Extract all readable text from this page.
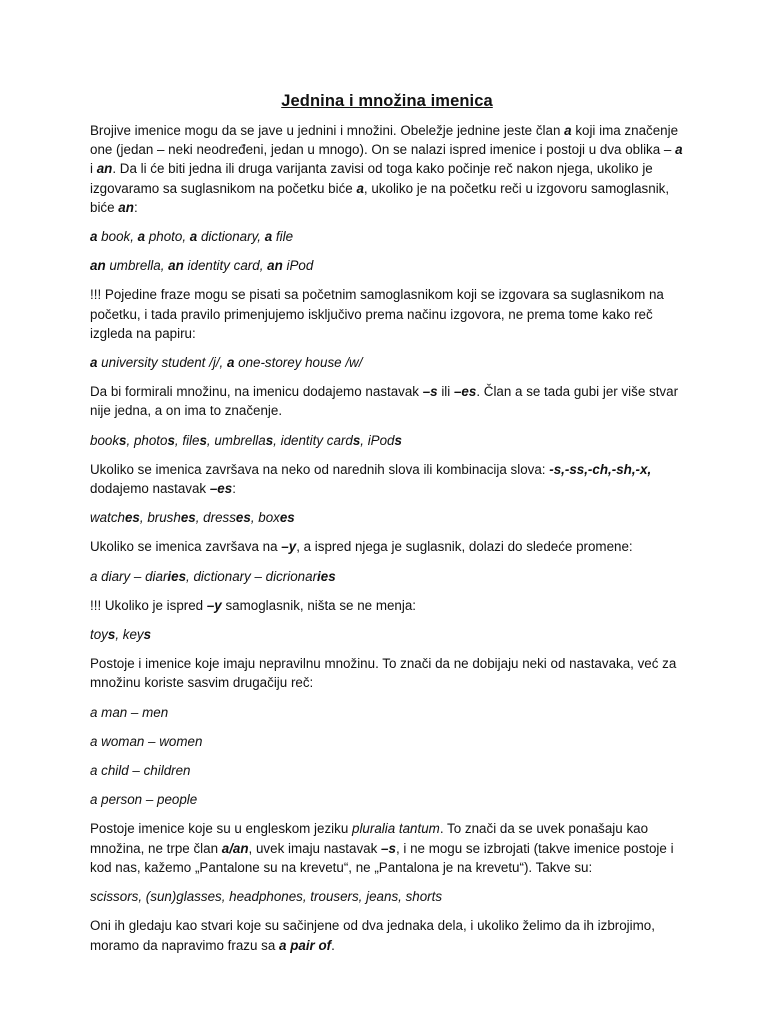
Jednina i množina imenica

Brojive imenice mogu da se jave u jednini i množini. Obeležje jednine jeste član a koji ima značenje one (jedan – neki neodređeni, jedan u mnogo). On se nalazi ispred imenice i postoji u dva oblika – a i an. Da li će biti jedna ili druga varijanta zavisi od toga kako počinje reč nakon njega, ukoliko je izgovaramo sa suglasnikom na početku biće a, ukoliko je na početku reči u izgovoru samoglasnik, biće an:

a book, a photo, a dictionary, a file

an umbrella, an identity card, an iPod

!!! Pojedine fraze mogu se pisati sa početnim samoglasnikom koji se izgovara sa suglasnikom na početku, i tada pravilo primenjujemo isključivo prema načinu izgovora, ne prema tome kako reč izgleda na papiru:

a university student /j/, a one-storey house /w/

Da bi formirali množinu, na imenicu dodajemo nastavak –s ili –es. Član a se tada gubi jer više stvar nije jedna, a on ima to značenje.

books, photos, files, umbrellas, identity cards, iPods

Ukoliko se imenica završava na neko od narednih slova ili kombinacija slova: -s,-ss,-ch,-sh,-x, dodajemo nastavak –es:

watches, brushes, dresses, boxes

Ukoliko se imenica završava na –y, a ispred njega je suglasnik, dolazi do sledeće promene:

a diary – diaries, dictionary – dicrionaries

!!! Ukoliko je ispred –y samoglasnik, ništa se ne menja:

toys, keys

Postoje i imenice koje imaju nepravilnu množinu. To znači da ne dobijaju neki od nastavaka, već za množinu koriste sasvim drugačiju reč:

a man – men

a woman – women

a child – children

a person – people

Postoje imenice koje su u engleskom jeziku pluralia tantum. To znači da se uvek ponašaju kao množina, ne trpe član a/an, uvek imaju nastavak –s, i ne mogu se izbrojati (takve imenice postoje i kod nas, kažemo „Pantalone su na krevetu“, ne „Pantalona je na krevetu“). Takve su:

scissors, (sun)glasses, headphones, trousers, jeans, shorts

Oni ih gledaju kao stvari koje su sačinjene od dva jednaka dela, i ukoliko želimo da ih izbrojimo, moramo da napravimo frazu sa a pair of.
